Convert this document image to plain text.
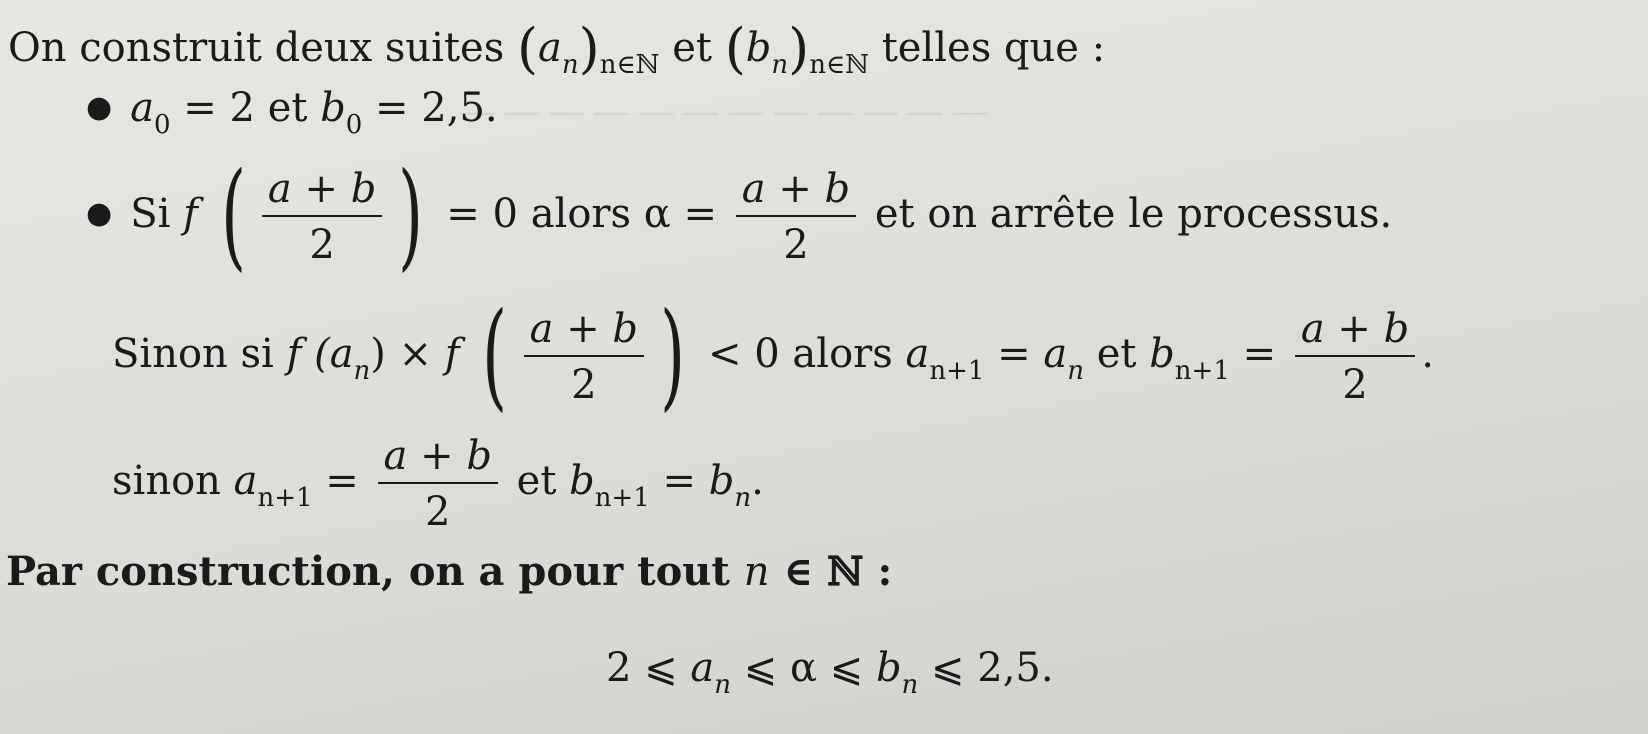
― ― ― ― ― ― ― ― ― ― ― ―
On construit deux suites $(a_n)_{n\in ℕ}$ et $(b_n)_{n\in ℕ}$ telles que :
● $a_0 = 2$ et $b_0 = 2,5$.
● Si f ( $\frac{a + b}{2}$ ) = 0 alors $\alpha = \frac{a + b}{2}$ et on arrête le processus.
Sinon si f $(a_n) \times f$ ( $\frac{a + b}{2}$ ) < 0 alors $a_{n+1} = a_n$ et $b_{n+1} = \frac{a + b}{2}$ .
sinon $a_{n+1} = \frac{a + b}{2}$ et $b_{n+1} = b_n$.
Par construction, on a pour tout n ∈ ℕ :
2 ⩽ $a_n$ ⩽ α ⩽ $b_n$ ⩽ 2,5.
